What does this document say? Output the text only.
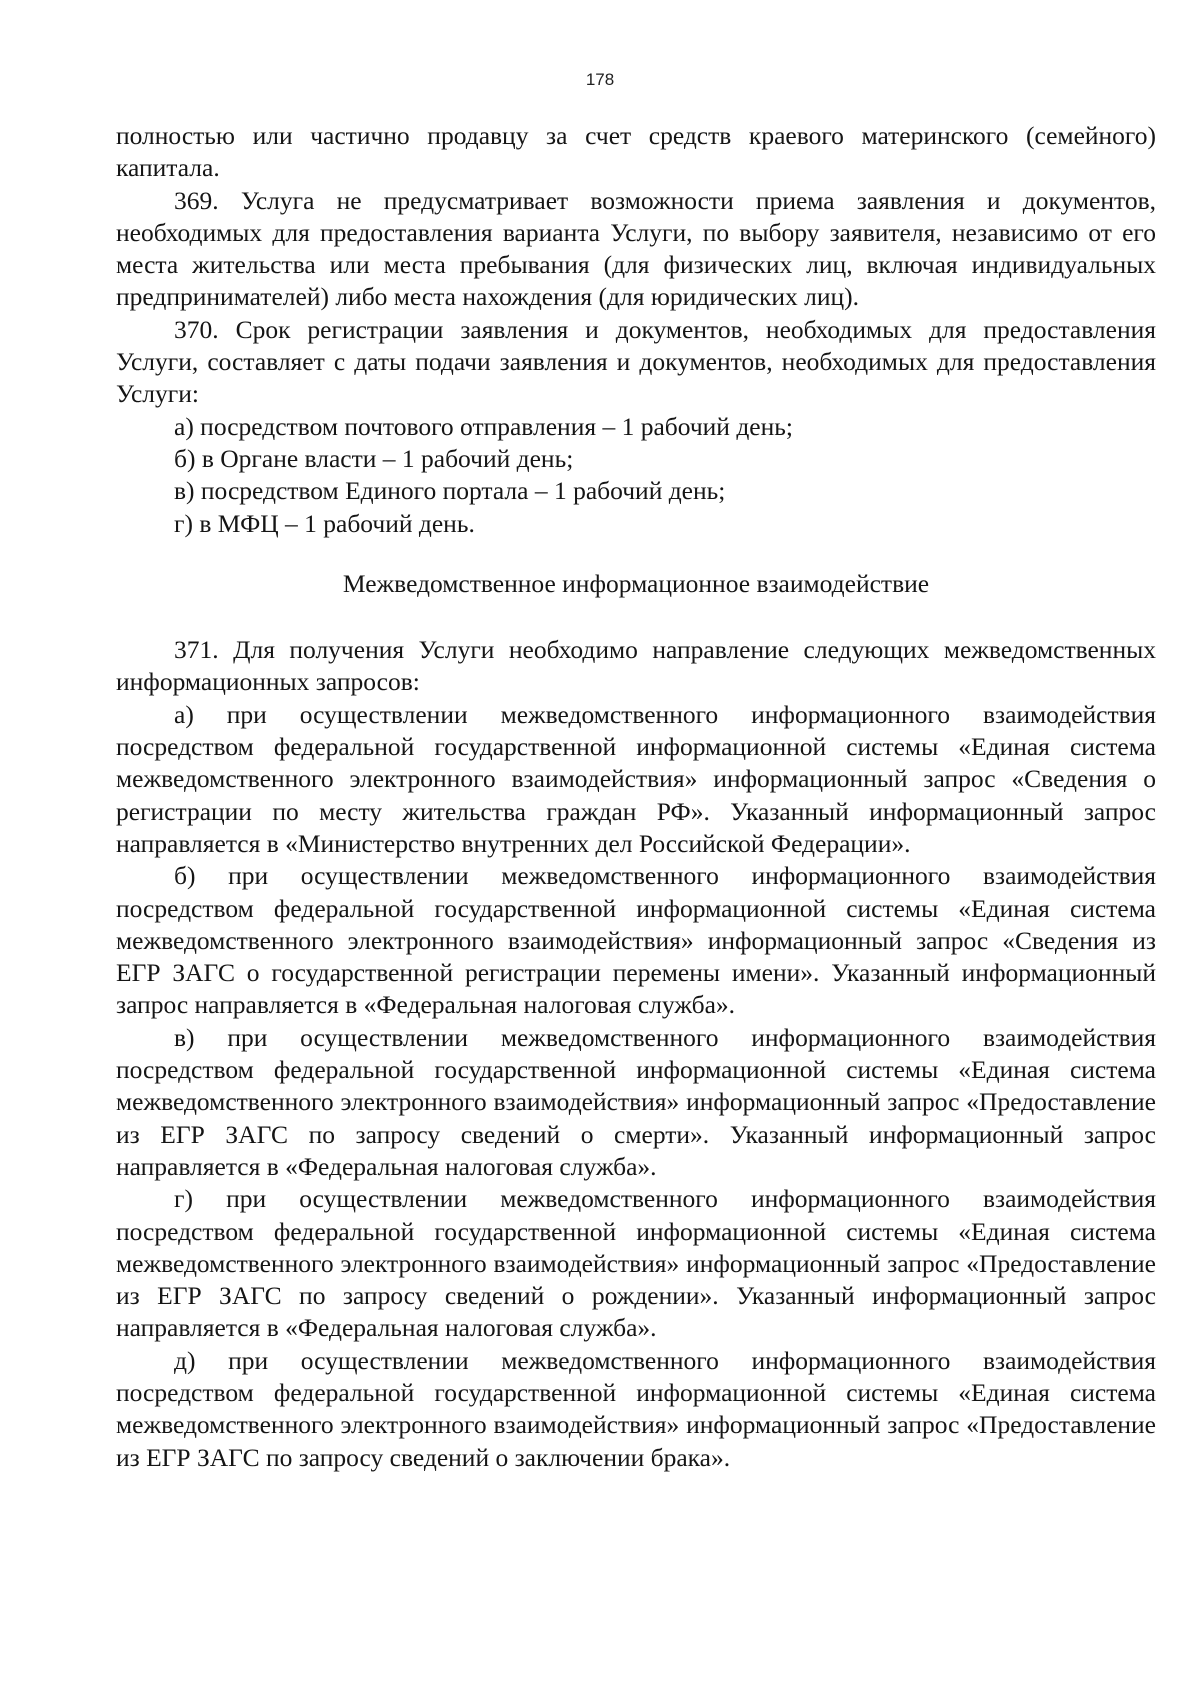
178

полностью или частично продавцу за счет средств краевого материнского (семейного) капитала.

369. Услуга не предусматривает возможности приема заявления и документов, необходимых для предоставления варианта Услуги, по выбору заявителя, независимо от его места жительства или места пребывания (для физических лиц, включая индивидуальных предпринимателей) либо места нахождения (для юридических лиц).

370. Срок регистрации заявления и документов, необходимых для предоставления Услуги, составляет с даты подачи заявления и документов, необходимых для предоставления Услуги:

а) посредством почтового отправления – 1 рабочий день;

б) в Органе власти – 1 рабочий день;

в) посредством Единого портала – 1 рабочий день;

г) в МФЦ – 1 рабочий день.

Межведомственное информационное взаимодействие

371. Для получения Услуги необходимо направление следующих межведомственных информационных запросов:

а) при осуществлении межведомственного информационного взаимодействия посредством федеральной государственной информационной системы «Единая система межведомственного электронного взаимодействия» информационный запрос «Сведения о регистрации по месту жительства граждан РФ». Указанный информационный запрос направляется в «Министерство внутренних дел Российской Федерации».

б) при осуществлении межведомственного информационного взаимодействия посредством федеральной государственной информационной системы «Единая система межведомственного электронного взаимодействия» информационный запрос «Сведения из ЕГР ЗАГС о государственной регистрации перемены имени». Указанный информационный запрос направляется в «Федеральная налоговая служба».

в) при осуществлении межведомственного информационного взаимодействия посредством федеральной государственной информационной системы «Единая система межведомственного электронного взаимодействия» информационный запрос «Предоставление из ЕГР ЗАГС по запросу сведений о смерти». Указанный информационный запрос направляется в «Федеральная налоговая служба».

г) при осуществлении межведомственного информационного взаимодействия посредством федеральной государственной информационной системы «Единая система межведомственного электронного взаимодействия» информационный запрос «Предоставление из ЕГР ЗАГС по запросу сведений о рождении». Указанный информационный запрос направляется в «Федеральная налоговая служба».

д) при осуществлении межведомственного информационного взаимодействия посредством федеральной государственной информационной системы «Единая система межведомственного электронного взаимодействия» информационный запрос «Предоставление из ЕГР ЗАГС по запросу сведений о заключении брака».
